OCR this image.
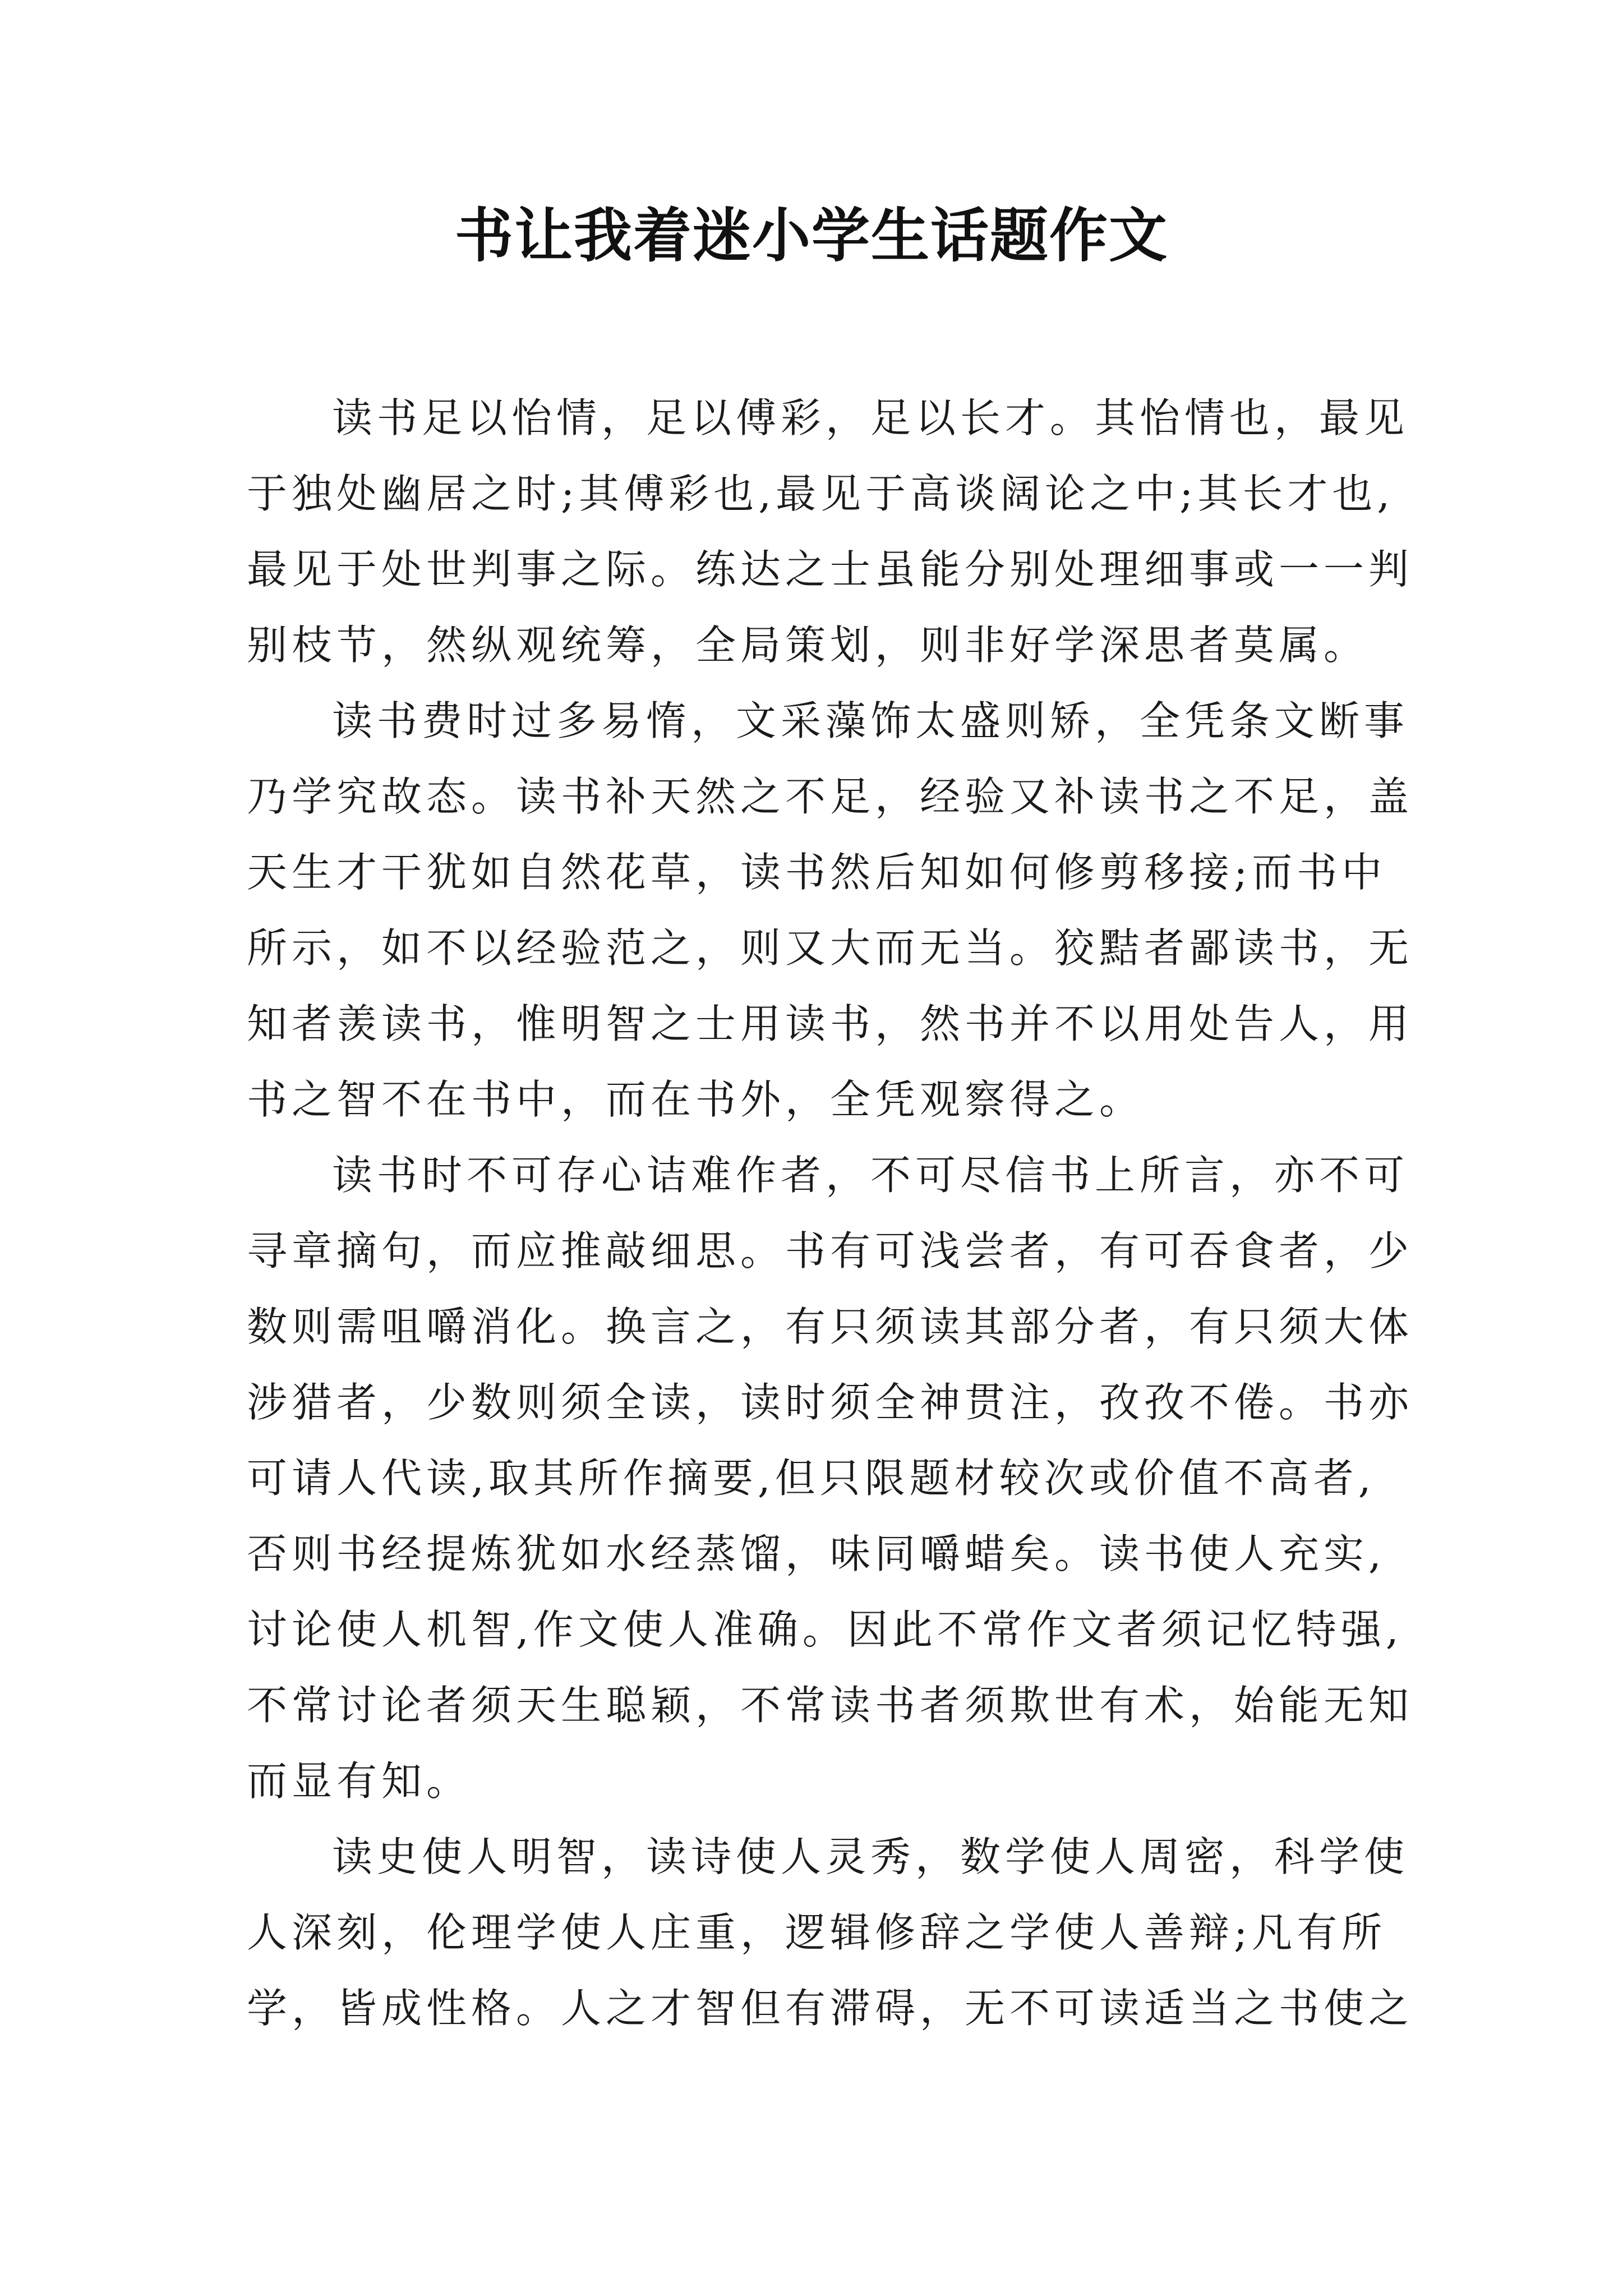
书让我着迷小学生话题作文

读书足以怡情，足以傅彩，足以长才。其怡情也，最见
于独处幽居之时;其傅彩也,最见于高谈阔论之中;其长才也,
最见于处世判事之际。练达之士虽能分别处理细事或一一判
别枝节，然纵观统筹，全局策划，则非好学深思者莫属。

读书费时过多易惰，文采藻饰太盛则矫，全凭条文断事
乃学究故态。读书补天然之不足，经验又补读书之不足，盖
天生才干犹如自然花草，读书然后知如何修剪移接;而书中
所示，如不以经验范之，则又大而无当。狡黠者鄙读书，无
知者羡读书，惟明智之士用读书，然书并不以用处告人，用
书之智不在书中，而在书外，全凭观察得之。

读书时不可存心诘难作者，不可尽信书上所言，亦不可
寻章摘句，而应推敲细思。书有可浅尝者，有可吞食者，少
数则需咀嚼消化。换言之，有只须读其部分者，有只须大体
涉猎者，少数则须全读，读时须全神贯注，孜孜不倦。书亦
可请人代读,取其所作摘要,但只限题材较次或价值不高者,
否则书经提炼犹如水经蒸馏，味同嚼蜡矣。读书使人充实,
讨论使人机智,作文使人准确。因此不常作文者须记忆特强,
不常讨论者须天生聪颖，不常读书者须欺世有术，始能无知
而显有知。

读史使人明智，读诗使人灵秀，数学使人周密，科学使
人深刻，伦理学使人庄重，逻辑修辞之学使人善辩;凡有所
学，皆成性格。人之才智但有滞碍，无不可读适当之书使之
